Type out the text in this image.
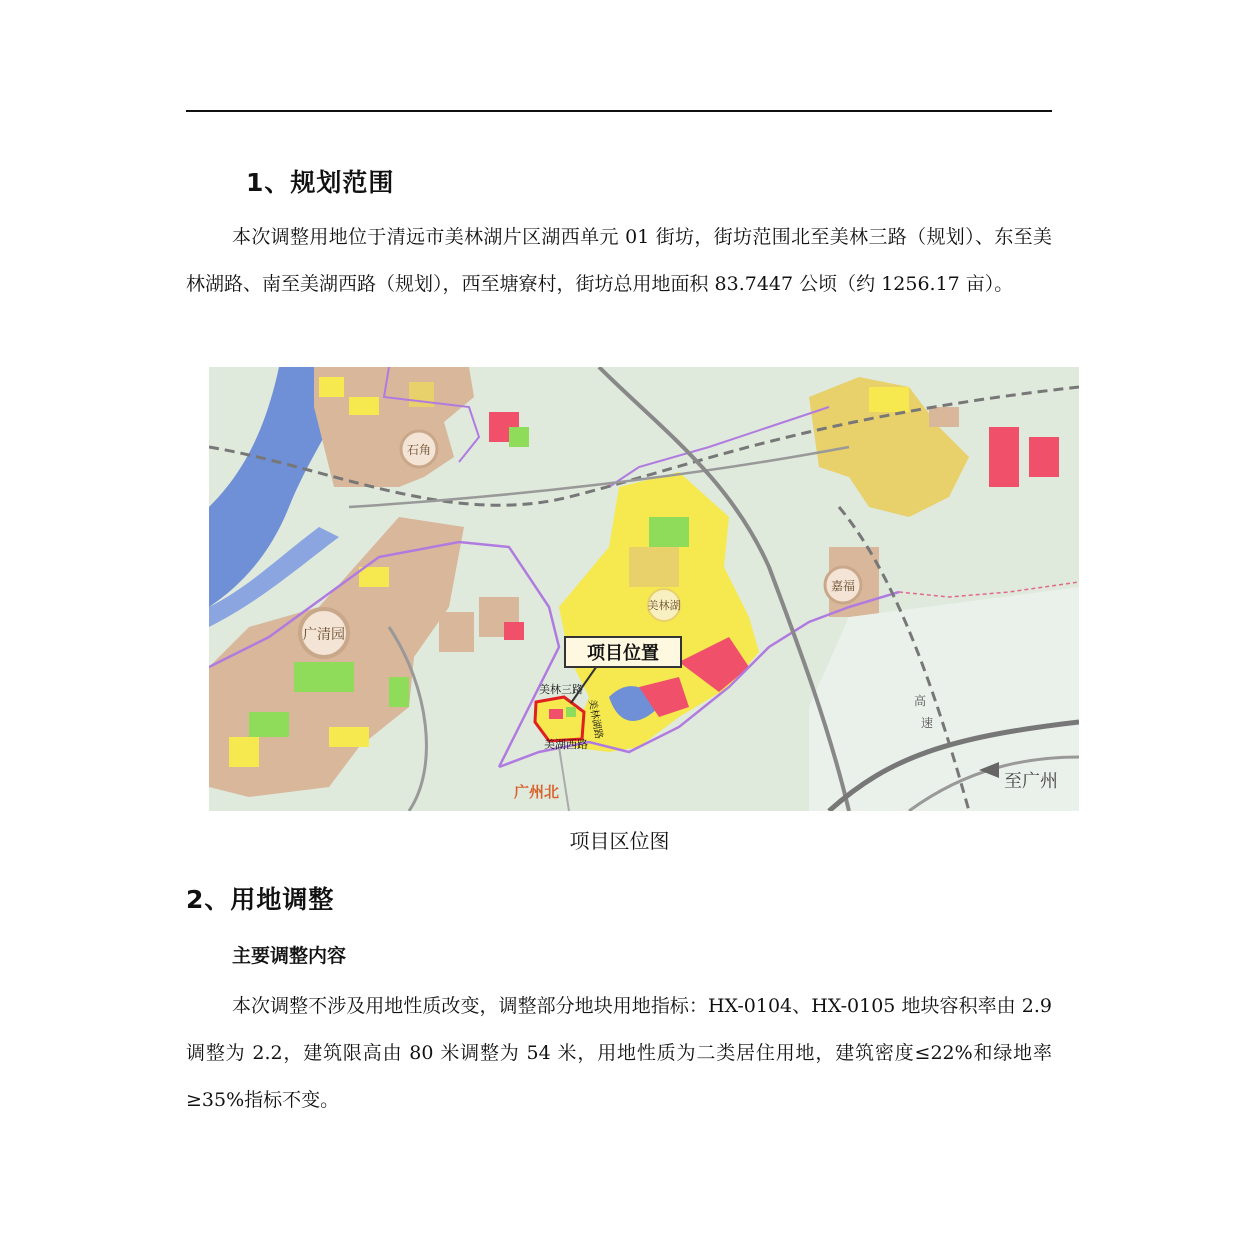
1、规划范围

本次调整用地位于清远市美林湖片区湖西单元 01 街坊，街坊范围北至美林三路（规划）、东至美林湖路、南至美湖西路（规划），西至塘寮村，街坊总用地面积 83.7447 公顷（约 1256.17 亩）。

石角
广清园
嘉福
美林湖
美林三路
美湖西路
美林湖路
广州北	至广州
高
速
项目位置

项目区位图

2、用地调整
主要调整内容

本次调整不涉及用地性质改变，调整部分地块用地指标：HX-0104、HX-0105 地块容积率由 2.9 调整为 2.2，建筑限高由 80 米调整为 54 米，用地性质为二类居住用地，建筑密度≤22%和绿地率≥35%指标不变。
